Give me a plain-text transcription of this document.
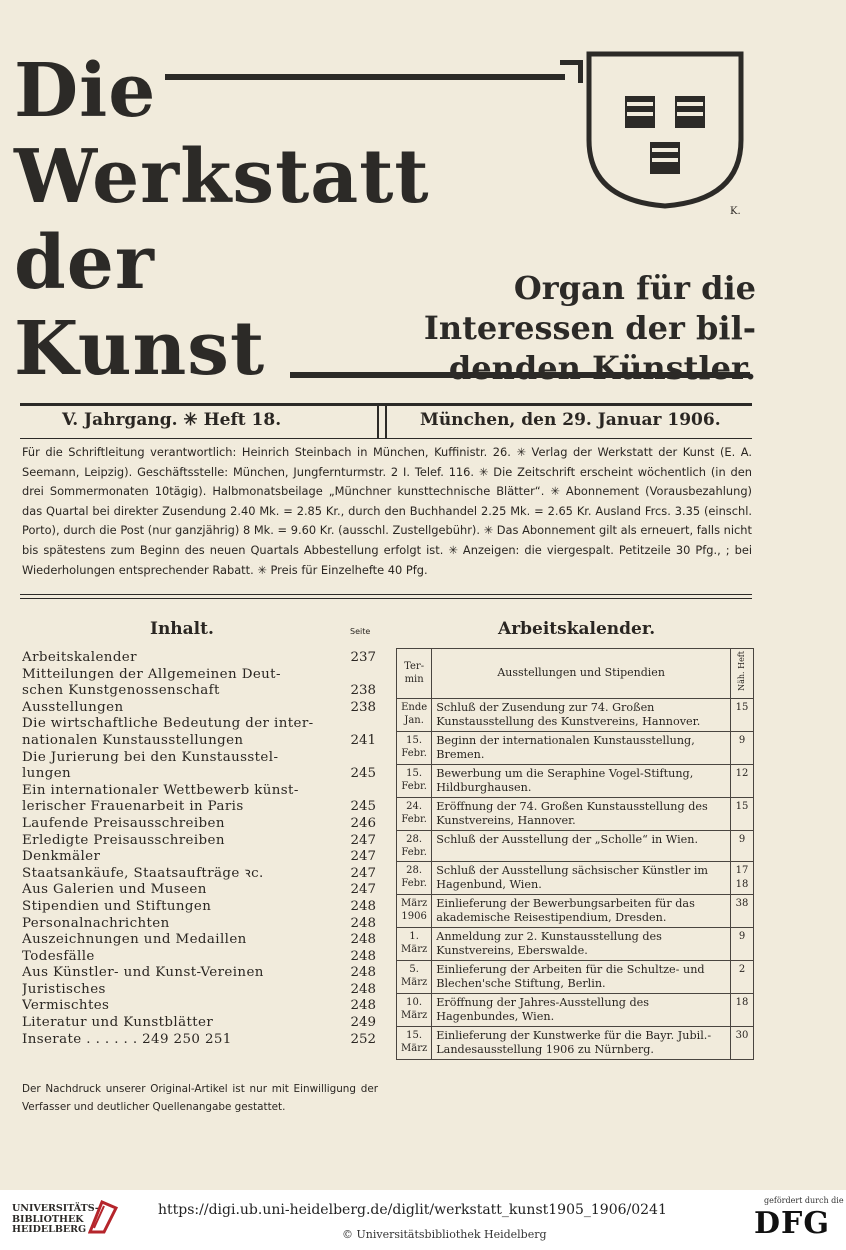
Die
Werkstatt
der
Kunst
K.
Organ für die
Interessen der bil-
denden Künstler.
V. Jahrgang. ✳ Heft 18.	München, den 29. Januar 1906.
Für die Schriftleitung verantwortlich: Heinrich Steinbach in München, Kuffinistr. 26. ✳ Verlag der Werkstatt der Kunst (E. A. Seemann, Leipzig). Geschäftsstelle: München, Jungfernturmstr. 2 I. Telef. 116. ✳ Die Zeitschrift erscheint wöchentlich (in den drei Sommermonaten 10tägig). Halbmonatsbeilage „Münchner kunsttechnische Blätter“. ✳ Abonnement (Vorausbezahlung) das Quartal bei direkter Zusendung 2.40 Mk. = 2.85 Kr., durch den Buchhandel 2.25 Mk. = 2.65 Kr. Ausland Frcs. 3.35 (einschl. Porto), durch die Post (nur ganzjährig) 8 Mk. = 9.60 Kr. (ausschl. Zustellgebühr). ✳ Das Abonnement gilt als erneuert, falls nicht bis spätestens zum Beginn des neuen Quartals Abbestellung erfolgt ist. ✳ Anzeigen: die viergespalt. Petitzeile 30 Pfg., ; bei Wiederholungen entsprechender Rabatt. ✳ Preis für Einzelhefte 40 Pfg.
Inhalt.	Seite
Arbeitskalender	237
Mitteilungen der Allgemeinen Deut-
schen Kunstgenossenschaft	238
Ausstellungen	238
Die wirtschaftliche Bedeutung der inter-
nationalen Kunstausstellungen	241
Die Jurierung bei den Kunstausstel-
lungen	245
Ein internationaler Wettbewerb künst-
lerischer Frauenarbeit in Paris	245
Laufende Preisausschreiben	246
Erledigte Preisausschreiben	247
Denkmäler	247
Staatsankäufe, Staatsaufträge ꝛc.	247
Aus Galerien und Museen	247
Stipendien und Stiftungen	248
Personalnachrichten	248
Auszeichnungen und Medaillen	248
Todesfälle	248
Aus Künstler- und Kunst-Vereinen	248
Juristisches	248
Vermischtes	248
Literatur und Kunstblätter	249
Inserate . . . . . . 249 250 251	252
Der Nachdruck unserer Original-Artikel ist nur mit Einwilligung der Verfasser und deutlicher Quellenangabe gestattet.
Arbeitskalender.
Ter-min	Ausstellungen und Stipendien	Näh. Heft
Ende Jan.	Schluß der Zusendung zur 74. Großen Kunstausstellung des Kunstvereins, Hannover.	15
15. Febr.	Beginn der internationalen Kunstausstellung, Bremen.	9
15. Febr.	Bewerbung um die Seraphine Vogel-Stiftung, Hildburghausen.	12
24. Febr.	Eröffnung der 74. Großen Kunstausstellung des Kunstvereins, Hannover.	15
28. Febr.	Schluß der Ausstellung der „Scholle“ in Wien.	9
28. Febr.	Schluß der Ausstellung sächsischer Künstler im Hagenbund, Wien.	17 18
März 1906	Einlieferung der Bewerbungsarbeiten für das akademische Reisestipendium, Dresden.	38
1. März	Anmeldung zur 2. Kunstausstellung des Kunstvereins, Eberswalde.	9
5. März	Einlieferung der Arbeiten für die Schultze- und Blechen'sche Stiftung, Berlin.	2
10. März	Eröffnung der Jahres-Ausstellung des Hagenbundes, Wien.	18
15. März	Einlieferung der Kunstwerke für die Bayr. Jubil.-Landesausstellung 1906 zu Nürnberg.	30
UNIVERSITÄTS-
BIBLIOTHEK
HEIDELBERG
https://digi.ub.uni-heidelberg.de/diglit/werkstatt_kunst1905_1906/0241
© Universitätsbibliothek Heidelberg
gefördert durch die
DFG
